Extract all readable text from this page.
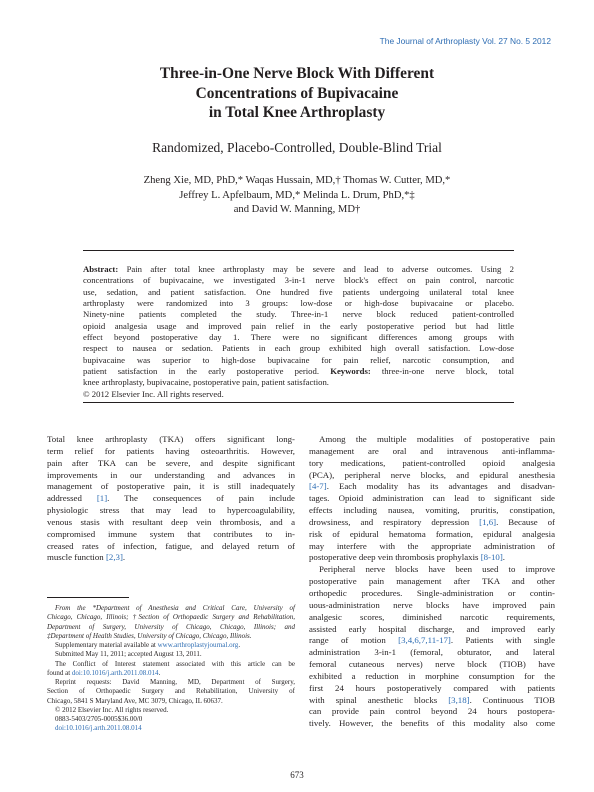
The Journal of Arthroplasty Vol. 27 No. 5 2012
Three-in-One Nerve Block With Different
Concentrations of Bupivacaine
in Total Knee Arthroplasty
Randomized, Placebo-Controlled, Double-Blind Trial
Zheng Xie, MD, PhD,* Waqas Hussain, MD,† Thomas W. Cutter, MD,*
Jeffrey L. Apfelbaum, MD,* Melinda L. Drum, PhD,*‡
and David W. Manning, MD†
Abstract: Pain after total knee arthroplasty may be severe and lead to adverse outcomes. Using 2
concentrations of bupivacaine, we investigated 3-in-1 nerve block's effect on pain control, narcotic
use, sedation, and patient satisfaction. One hundred five patients undergoing unilateral total knee
arthroplasty were randomized into 3 groups: low-dose or high-dose bupivacaine or placebo.
Ninety-nine patients completed the study. Three-in-1 nerve block reduced patient-controlled
opioid analgesia usage and improved pain relief in the early postoperative period but had little
effect beyond postoperative day 1. There were no significant differences among groups with
respect to nausea or sedation. Patients in each group exhibited high overall satisfaction. Low-dose
bupivacaine was superior to high-dose bupivacaine for pain relief, narcotic consumption, and
patient satisfaction in the early postoperative period. Keywords: three-in-one nerve block, total
knee arthroplasty, bupivacaine, postoperative pain, patient satisfaction.
© 2012 Elsevier Inc. All rights reserved.
Total knee arthroplasty (TKA) offers significant long-
term relief for patients having osteoarthritis. However,
pain after TKA can be severe, and despite significant
improvements in our understanding and advances in
management of postoperative pain, it is still inadequately
addressed [1]. The consequences of pain include
physiologic stress that may lead to hypercoagulability,
venous stasis with resultant deep vein thrombosis, and a
compromised immune system that contributes to in-
creased rates of infection, fatigue, and delayed return of
muscle function [2,3].
From the *Department of Anesthesia and Critical Care, University of
Chicago, Chicago, Illinois; †Section of Orthopaedic Surgery and Rehabilitation,
Department of Surgery, University of Chicago, Chicago, Illinois; and
‡Department of Health Studies, University of Chicago, Chicago, Illinois.
Supplementary material available at www.arthroplastyjournal.org.
Submitted May 11, 2011; accepted August 13, 2011.
The Conflict of Interest statement associated with this article can be
found at doi:10.1016/j.arth.2011.08.014.
Reprint requests: David Manning, MD, Department of Surgery,
Section of Orthopaedic Surgery and Rehabilitation, University of
Chicago, 5841 S Maryland Ave, MC 3079, Chicago, IL 60637.
© 2012 Elsevier Inc. All rights reserved.
0883-5403/2705-0005$36.00/0
doi:10.1016/j.arth.2011.08.014
Among the multiple modalities of postoperative pain
management are oral and intravenous anti-inflamma-
tory medications, patient-controlled opioid analgesia
(PCA), peripheral nerve blocks, and epidural anesthesia
[4-7]. Each modality has its advantages and disadvan-
tages. Opioid administration can lead to significant side
effects including nausea, vomiting, pruritis, constipation,
drowsiness, and respiratory depression [1,6]. Because of
risk of epidural hematoma formation, epidural analgesia
may interfere with the appropriate administration of
postoperative deep vein thrombosis prophylaxis [8-10].
Peripheral nerve blocks have been used to improve
postoperative pain management after TKA and other
orthopedic procedures. Single-administration or contin-
uous-administration nerve blocks have improved pain
analgesic scores, diminished narcotic requirements,
assisted early hospital discharge, and improved early
range of motion [3,4,6,7,11-17]. Patients with single
administration 3-in-1 (femoral, obturator, and lateral
femoral cutaneous nerves) nerve block (TIOB) have
exhibited a reduction in morphine consumption for the
first 24 hours postoperatively compared with patients
with spinal anesthetic blocks [3,18]. Continuous TIOB
can provide pain control beyond 24 hours postopera-
tively. However, the benefits of this modality also come
673
